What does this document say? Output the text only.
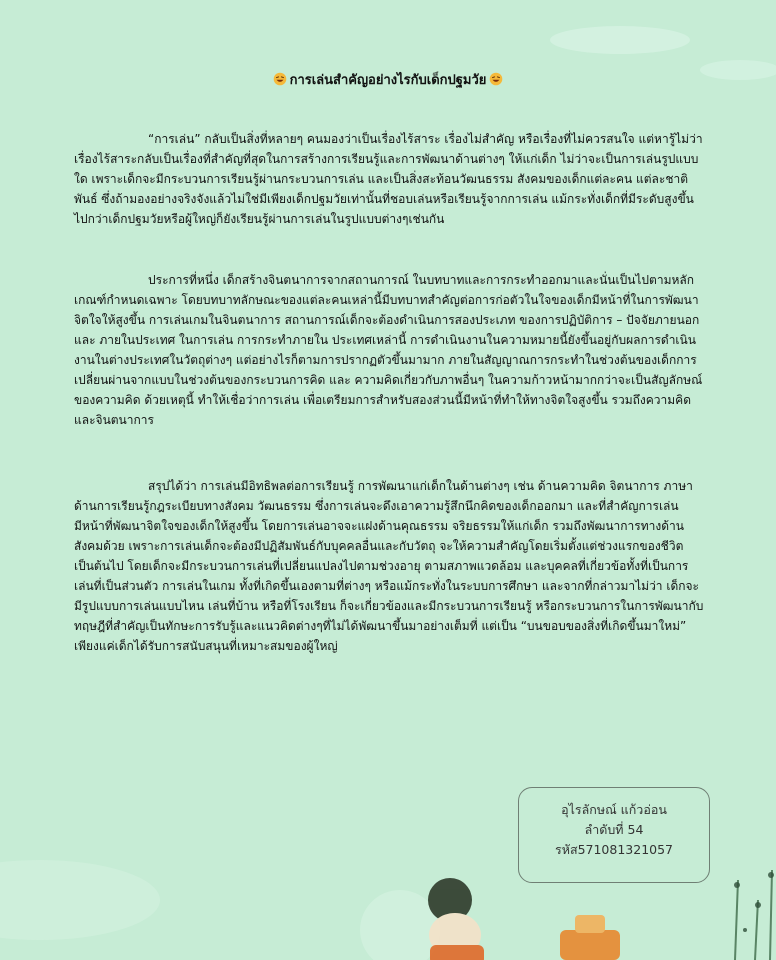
การเล่นสำคัญอย่างไรกับเด็กปฐมวัย

“การเล่น” กลับเป็นสิ่งที่หลายๆ คนมองว่าเป็นเรื่องไร้สาระ เรื่องไม่สำคัญ หรือเรื่องที่ไม่ควรสนใจ แต่หารู้ไม่ว่าเรื่องไร้สาระกลับเป็นเรื่องที่สำคัญที่สุดในการสร้างการเรียนรู้และการพัฒนาด้านต่างๆ ให้แก่เด็ก ไม่ว่าจะเป็นการเล่นรูปแบบใด เพราะเด็กจะมีกระบวนการเรียนรู้ผ่านกระบวนการเล่น และเป็นสิ่งสะท้อนวัฒนธรรม สังคมของเด็กแต่ละคน แต่ละชาติพันธ์ ซึ่งถ้ามองอย่างจริงจังแล้วไม่ใช่มีเพียงเด็กปฐมวัยเท่านั้นที่ชอบเล่นหรือเรียนรู้จากการเล่น แม้กระทั่งเด็กที่มีระดับสูงขึ้นไปกว่าเด็กปฐมวัยหรือผู้ใหญ่ก็ยังเรียนรู้ผ่านการเล่นในรูปแบบต่างๆเช่นกัน

ประการที่หนึ่ง เด็กสร้างจินตนาการจากสถานการณ์ ในบทบาทและการกระทำออกมาและนั่นเป็นไปตามหลักเกณฑ์กำหนดเฉพาะ โดยบทบาทลักษณะของแต่ละคนเหล่านี้มีบทบาทสำคัญต่อการก่อตัวในใจของเด็กมีหน้าที่ในการพัฒนาจิตใจให้สูงขึ้น การเล่นเกมในจินตนาการ สถานการณ์เด็กจะต้องดำเนินการสองประเภท ของการปฏิบัติการ – ปัจจัยภายนอก และ ภายในประเทศ ในการเล่น การกระทำภายใน ประเทศเหล่านี้ การดำเนินงานในความหมายนี้ยังขึ้นอยู่กับผลการดำเนินงานในต่างประเทศในวัตถุต่างๆ แต่อย่างไรก็ตามการปรากฏตัวขึ้นมามาก ภายในสัญญาณการกระทำในช่วงต้นของเด็กการเปลี่ยนผ่านจากแบบในช่วงต้นของกระบวนการคิด และ ความคิดเกี่ยวกับภาพอื่นๆ ในความก้าวหน้ามากกว่าจะเป็นสัญลักษณ์ของความคิด ด้วยเหตุนี้ ทำให้เชื่อว่าการเล่น เพื่อเตรียมการสำหรับสองส่วนนี้มีหน้าที่ทำให้ทางจิตใจสูงขึ้น รวมถึงความคิดและจินตนาการ

สรุปได้ว่า การเล่นมีอิทธิพลต่อการเรียนรู้ การพัฒนาแก่เด็กในด้านต่างๆ เช่น ด้านความคิด จิตนาการ ภาษา ด้านการเรียนรู้กฎระเบียบทางสังคม วัฒนธรรม ซึ่งการเล่นจะดึงเอาความรู้สึกนึกคิดของเด็กออกมา และที่สำคัญการเล่นมีหน้าที่พัฒนาจิตใจของเด็กให้สูงขึ้น โดยการเล่นอาจจะแฝงด้านคุณธรรม จริยธรรมให้แก่เด็ก รวมถึงพัฒนาการทางด้านสังคมด้วย เพราะการเล่นเด็กจะต้องมีปฏิสัมพันธ์กับบุคคลอื่นและกับวัตถุ จะให้ความสำคัญโดยเริ่มตั้งแต่ช่วงแรกของชีวิต เป็นต้นไป โดยเด็กจะมีกระบวนการเล่นที่เปลี่ยนแปลงไปตามช่วงอายุ ตามสภาพแวดล้อม และบุคคลที่เกี่ยวข้อทั้งที่เป็นการเล่นที่เป็นส่วนตัว การเล่นในเกม ทั้งที่เกิดขึ้นเองตามที่ต่างๆ หรือแม้กระทั่งในระบบการศึกษา และจากที่กล่าวมาไม่ว่า เด็กจะมีรูปแบบการเล่นแบบไหน เล่นที่บ้าน หรือที่โรงเรียน ก็จะเกี่ยวข้องและมีกระบวนการเรียนรู้ หรือกระบวนการในการพัฒนากับทฤษฎีที่สำคัญเป็นทักษะการรับรู้และแนวคิดต่างๆที่ไม่ได้พัฒนาขึ้นมาอย่างเต็มที่ แต่เป็น “บนขอบของสิ่งที่เกิดขึ้นมาใหม่” เพียงแค่เด็กได้รับการสนับสนุนที่เหมาะสมของผู้ใหญ่

อุไรลักษณ์ แก้วอ่อน
ลำดับที่ 54
รหัส571081321057
